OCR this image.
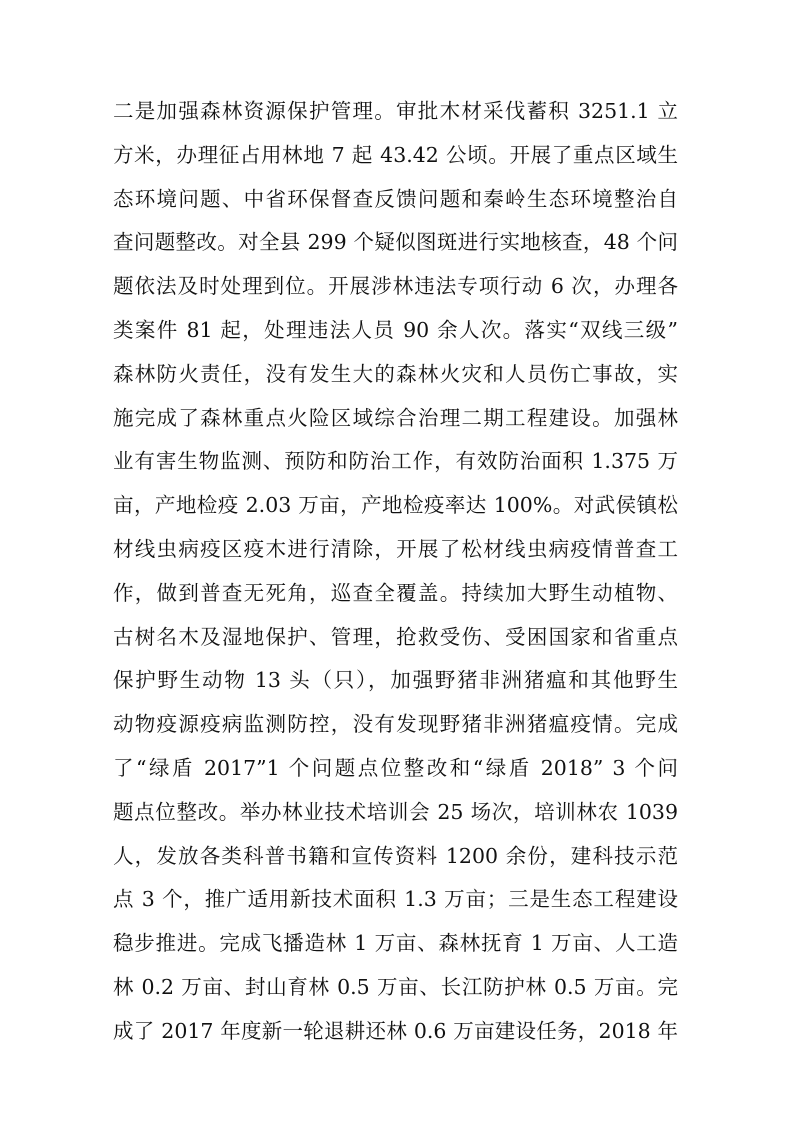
二是加强森林资源保护管理。审批木材采伐蓄积 3251.1 立
方米，办理征占用林地 7 起 43.42 公顷。开展了重点区域生
态环境问题、中省环保督查反馈问题和秦岭生态环境整治自
查问题整改。对全县 299 个疑似图斑进行实地核查，48 个问
题依法及时处理到位。开展涉林违法专项行动 6 次，办理各
类案件 81 起，处理违法人员 90 余人次。落实“双线三级”
森林防火责任，没有发生大的森林火灾和人员伤亡事故，实
施完成了森林重点火险区域综合治理二期工程建设。加强林
业有害生物监测、预防和防治工作，有效防治面积 1.375 万
亩，产地检疫 2.03 万亩，产地检疫率达 100%。对武侯镇松
材线虫病疫区疫木进行清除，开展了松材线虫病疫情普查工
作，做到普查无死角，巡查全覆盖。持续加大野生动植物、
古树名木及湿地保护、管理，抢救受伤、受困国家和省重点
保护野生动物 13 头（只），加强野猪非洲猪瘟和其他野生
动物疫源疫病监测防控，没有发现野猪非洲猪瘟疫情。完成
了“绿盾 2017”1 个问题点位整改和“绿盾 2018” 3 个问
题点位整改。举办林业技术培训会 25 场次，培训林农 1039
人，发放各类科普书籍和宣传资料 1200 余份，建科技示范
点 3 个，推广适用新技术面积 1.3 万亩；三是生态工程建设
稳步推进。完成飞播造林 1 万亩、森林抚育 1 万亩、人工造
林 0.2 万亩、封山育林 0.5 万亩、长江防护林 0.5 万亩。完
成了 2017 年度新一轮退耕还林 0.6 万亩建设任务，2018 年
